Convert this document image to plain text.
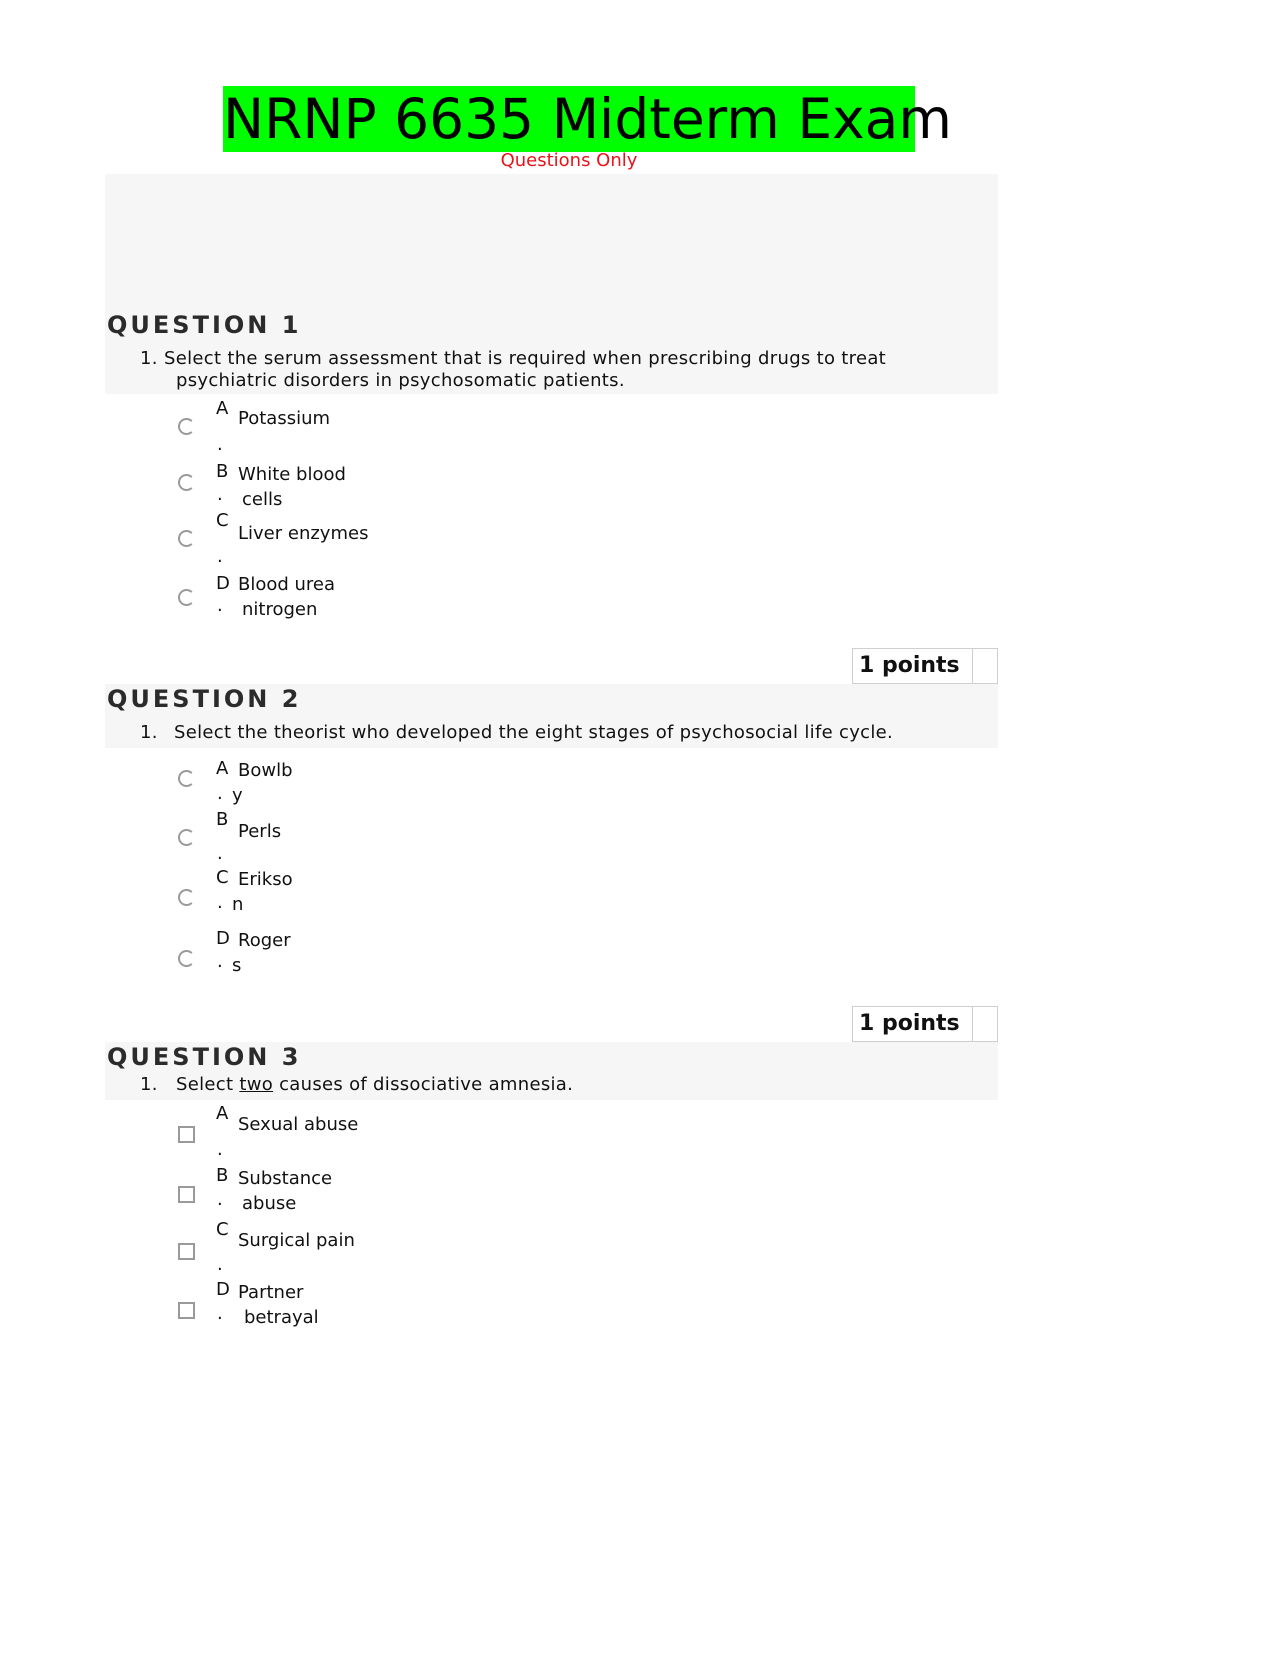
NRNP 6635 Midterm Exam
Questions Only
QUESTION 1
1. Select the serum assessment that is required when prescribing drugs to treat
psychiatric disorders in psychosomatic patients.
A Potassium
.
B White blood
cells
.
C
Liver enzymes
.
D Blood urea
nitrogen
.
1 points
QUESTION 2
1. Select the theorist who developed the eight stages of psychosocial life cycle.
A Bowlb
y
.
B
Perls
.
C Erikso
n
.
D Roger
s
.
1 points
QUESTION 3
1. Select two causes of dissociative amnesia.
A
Sexual abuse
.
B Substance
abuse
.
C
Surgical pain
.
D Partner
betrayal
.
